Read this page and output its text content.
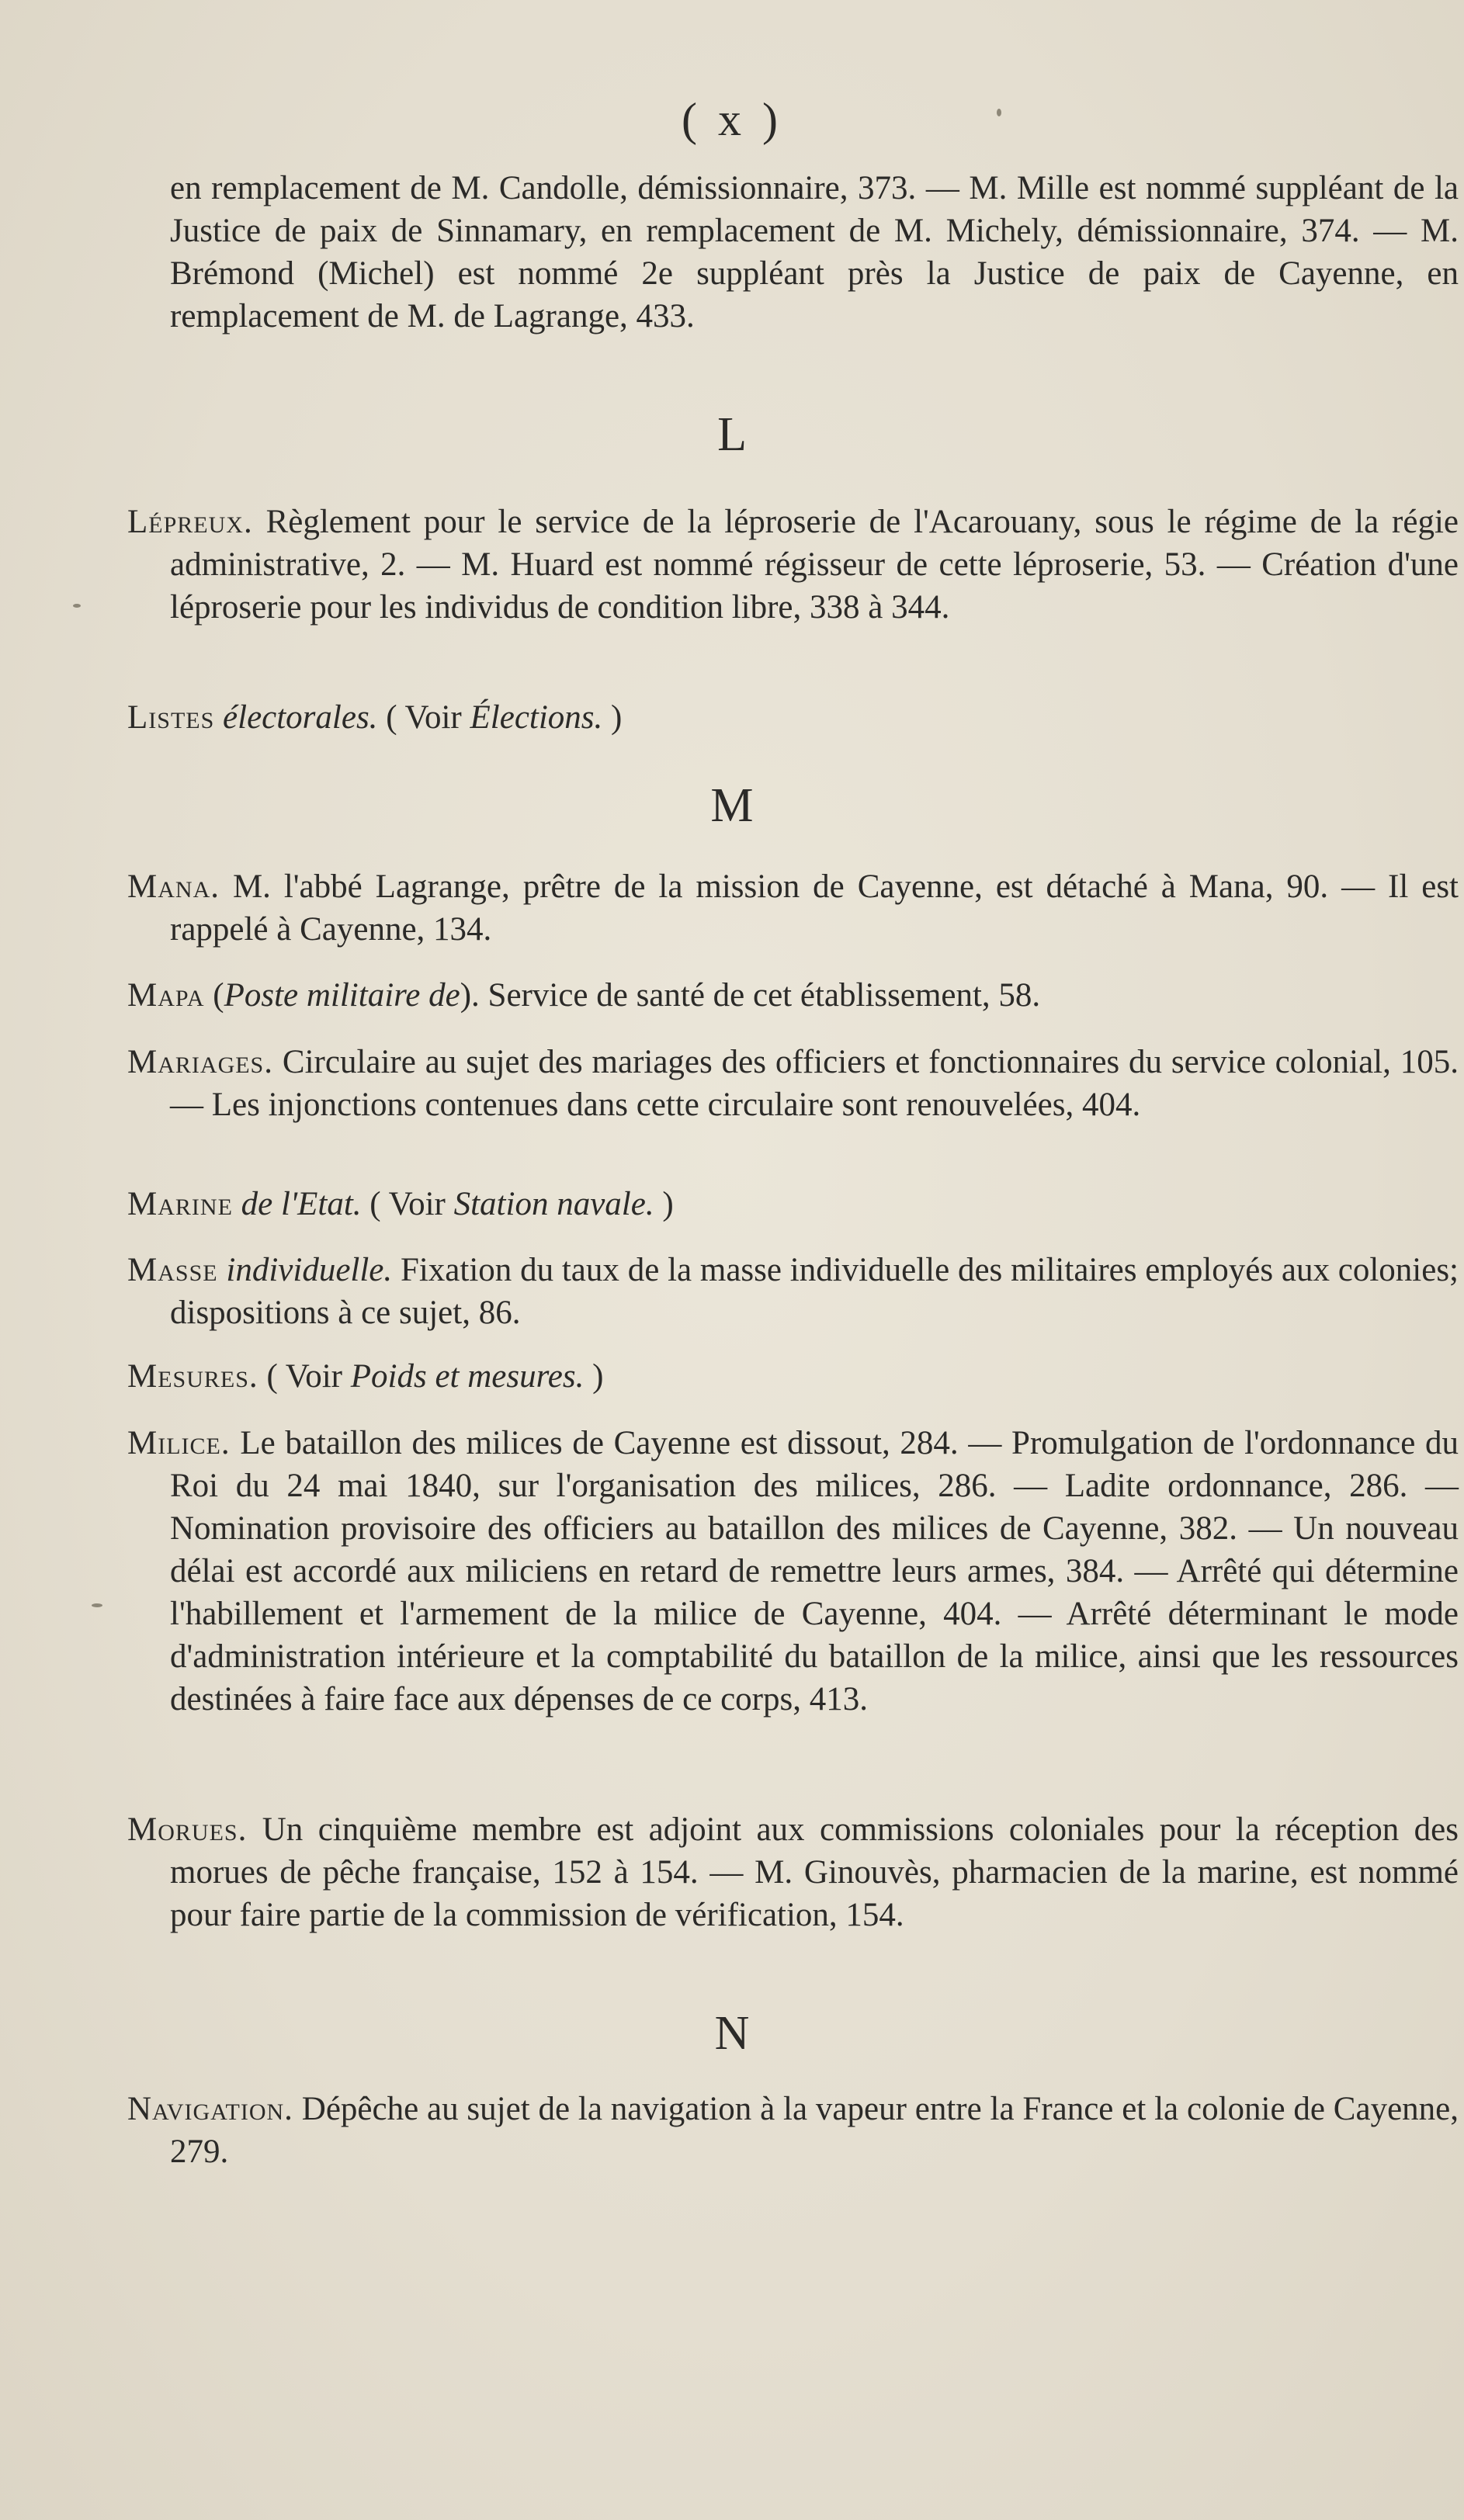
( x )
en remplacement de M. Candolle, démissionnaire, 373. — M. Mille est nommé suppléant de la Justice de paix de Sinnamary, en remplacement de M. Michely, démissionnaire, 374. — M. Brémond (Michel) est nommé 2e suppléant près la Justice de paix de Cayenne, en remplacement de M. de Lagrange, 433.
L
Lépreux. Règlement pour le service de la léproserie de l'Acarouany, sous le régime de la régie administrative, 2. — M. Huard est nommé régisseur de cette léproserie, 53. — Création d'une léproserie pour les individus de condition libre, 338 à 344.
Listes électorales. ( Voir Élections. )
M
Mana. M. l'abbé Lagrange, prêtre de la mission de Cayenne, est détaché à Mana, 90. — Il est rappelé à Cayenne, 134.
Mapa (Poste militaire de). Service de santé de cet établissement, 58.
Mariages. Circulaire au sujet des mariages des officiers et fonctionnaires du service colonial, 105. — Les injonctions contenues dans cette circulaire sont renouvelées, 404.
Marine de l'Etat. ( Voir Station navale. )
Masse individuelle. Fixation du taux de la masse individuelle des militaires employés aux colonies; dispositions à ce sujet, 86.
Mesures. ( Voir Poids et mesures. )
Milice. Le bataillon des milices de Cayenne est dissout, 284. — Promulgation de l'ordonnance du Roi du 24 mai 1840, sur l'organisation des milices, 286. — Ladite ordonnance, 286. — Nomination provisoire des officiers au bataillon des milices de Cayenne, 382. — Un nouveau délai est accordé aux miliciens en retard de remettre leurs armes, 384. — Arrêté qui détermine l'habillement et l'armement de la milice de Cayenne, 404. — Arrêté déterminant le mode d'administration intérieure et la comptabilité du bataillon de la milice, ainsi que les ressources destinées à faire face aux dépenses de ce corps, 413.
Morues. Un cinquième membre est adjoint aux commissions coloniales pour la réception des morues de pêche française, 152 à 154. — M. Ginouvès, pharmacien de la marine, est nommé pour faire partie de la commission de vérification, 154.
N
Navigation. Dépêche au sujet de la navigation à la vapeur entre la France et la colonie de Cayenne, 279.
